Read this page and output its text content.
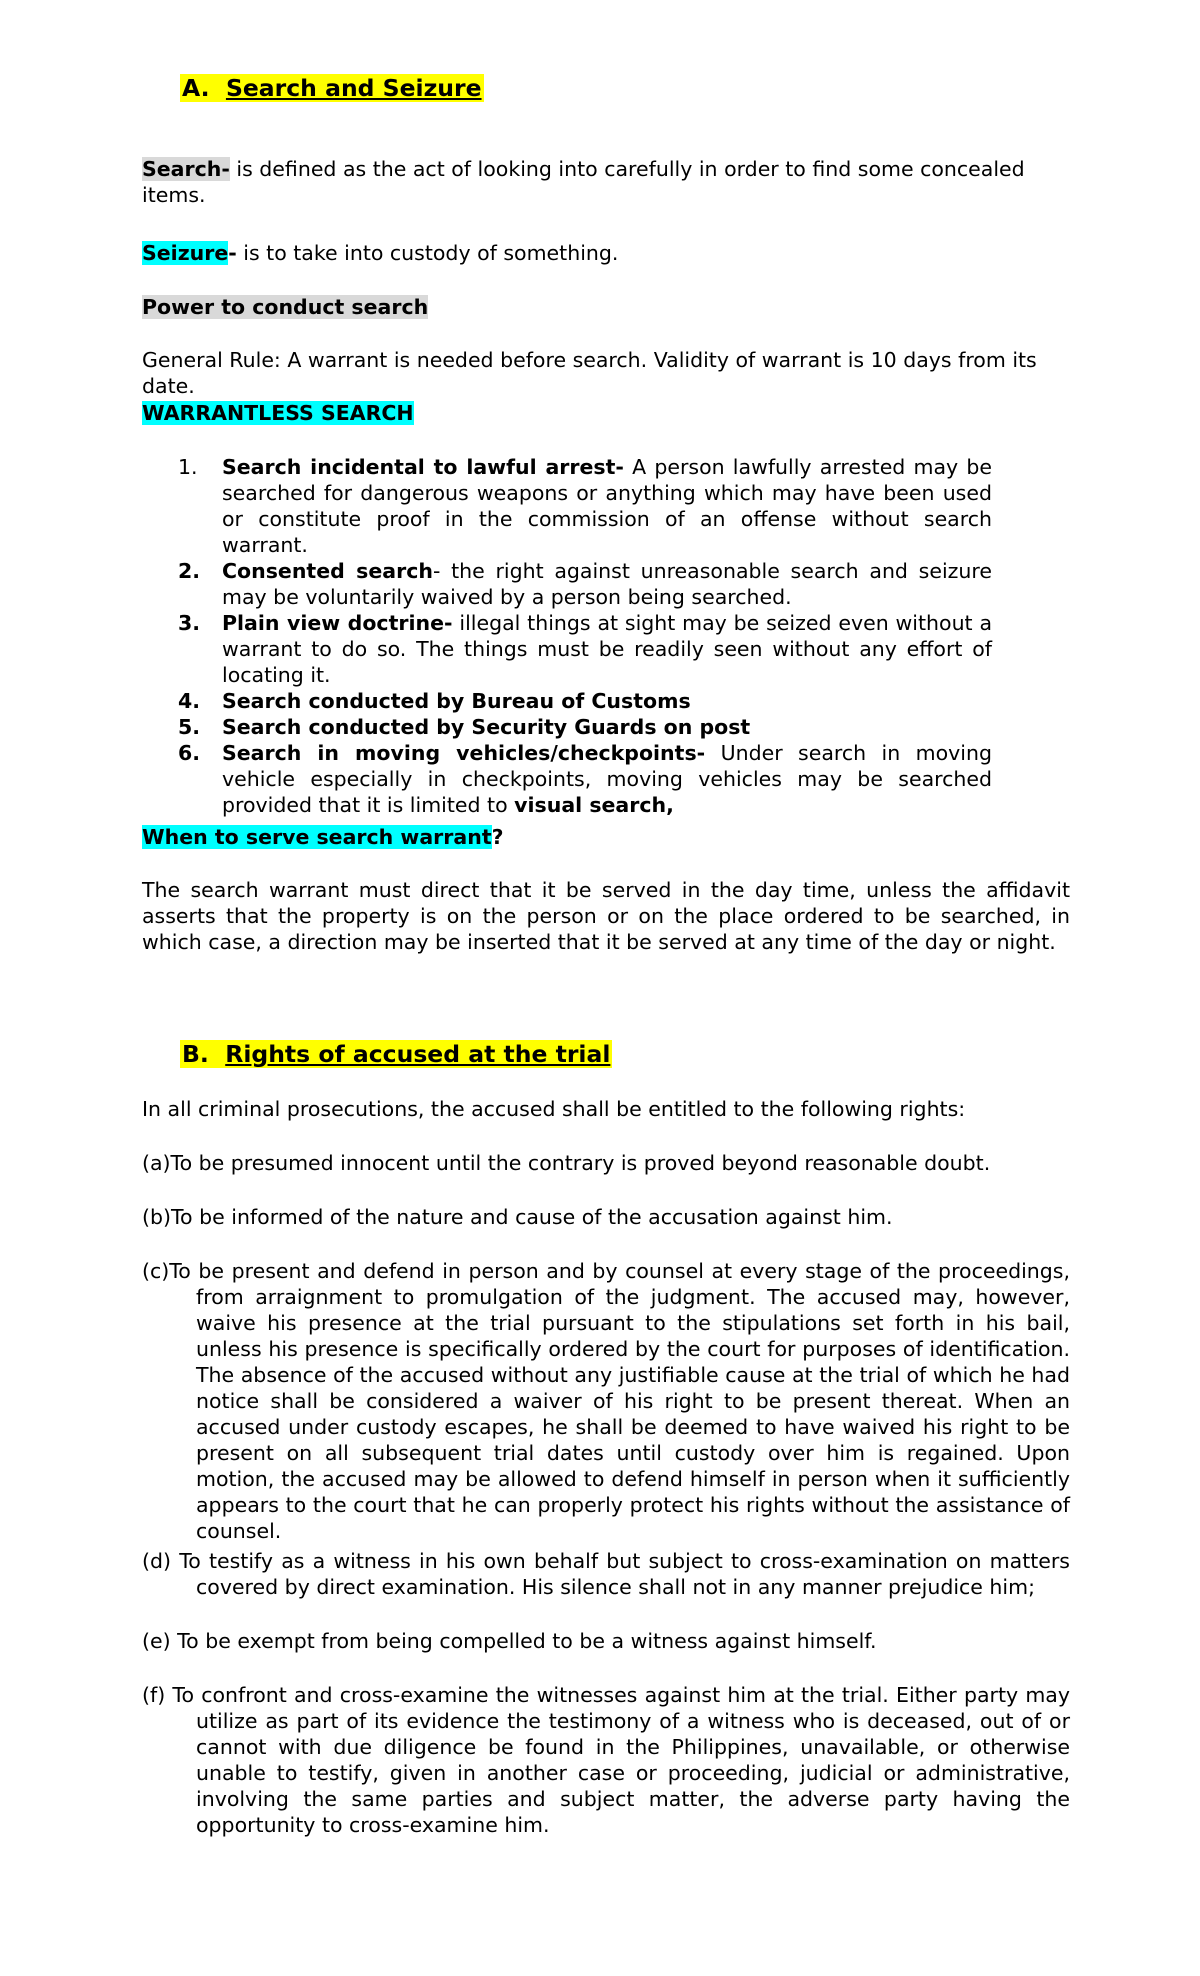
A. Search and Seizure
Search- is defined as the act of looking into carefully in order to find some concealed items.
Seizure- is to take into custody of something.
Power to conduct search
General Rule: A warrant is needed before search. Validity of warrant is 10 days from its date.
WARRANTLESS SEARCH
1. Search incidental to lawful arrest- A person lawfully arrested may be searched for dangerous weapons or anything which may have been used or constitute proof in the commission of an offense without search warrant.
2. Consented search- the right against unreasonable search and seizure may be voluntarily waived by a person being searched.
3. Plain view doctrine- illegal things at sight may be seized even without a warrant to do so. The things must be readily seen without any effort of locating it.
4. Search conducted by Bureau of Customs
5. Search conducted by Security Guards on post
6. Search in moving vehicles/checkpoints- Under search in moving vehicle especially in checkpoints, moving vehicles may be searched provided that it is limited to visual search,
When to serve search warrant?
The search warrant must direct that it be served in the day time, unless the affidavit asserts that the property is on the person or on the place ordered to be searched, in which case, a direction may be inserted that it be served at any time of the day or night.
B. Rights of accused at the trial
In all criminal prosecutions, the accused shall be entitled to the following rights:
(a)To be presumed innocent until the contrary is proved beyond reasonable doubt.
(b)To be informed of the nature and cause of the accusation against him.
(c)To be present and defend in person and by counsel at every stage of the proceedings, from arraignment to promulgation of the judgment. The accused may, however, waive his presence at the trial pursuant to the stipulations set forth in his bail, unless his presence is specifically ordered by the court for purposes of identification. The absence of the accused without any justifiable cause at the trial of which he had notice shall be considered a waiver of his right to be present thereat. When an accused under custody escapes, he shall be deemed to have waived his right to be present on all subsequent trial dates until custody over him is regained. Upon motion, the accused may be allowed to defend himself in person when it sufficiently appears to the court that he can properly protect his rights without the assistance of counsel.
(d) To testify as a witness in his own behalf but subject to cross-examination on matters covered by direct examination. His silence shall not in any manner prejudice him;
(e) To be exempt from being compelled to be a witness against himself.
(f) To confront and cross-examine the witnesses against him at the trial. Either party may utilize as part of its evidence the testimony of a witness who is deceased, out of or cannot with due diligence be found in the Philippines, unavailable, or otherwise unable to testify, given in another case or proceeding, judicial or administrative, involving the same parties and subject matter, the adverse party having the opportunity to cross-examine him.
